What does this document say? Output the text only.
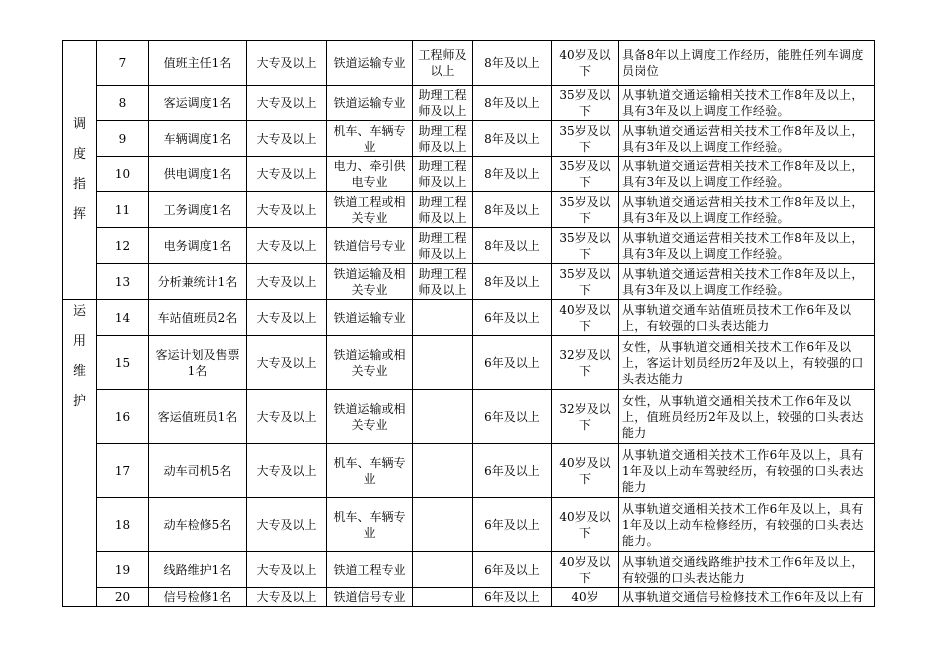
调
度
指
挥	7	值班主任1名	大专及以上	铁道运输专业	工程师及以上	8年及以上	40岁及以下	具备8年以上调度工作经历，能胜任列车调度员岗位
	8	客运调度1名	大专及以上	铁道运输专业	助理工程师及以上	8年及以上	35岁及以下	从事轨道交通运输相关技术工作8年及以上，具有3年及以上调度工作经验。
	9	车辆调度1名	大专及以上	机车、车辆专业	助理工程师及以上	8年及以上	35岁及以下	从事轨道交通运营相关技术工作8年及以上，具有3年及以上调度工作经验。
	10	供电调度1名	大专及以上	电力、牵引供电专业	助理工程师及以上	8年及以上	35岁及以下	从事轨道交通运营相关技术工作8年及以上，具有3年及以上调度工作经验。
	11	工务调度1名	大专及以上	铁道工程或相关专业	助理工程师及以上	8年及以上	35岁及以下	从事轨道交通运营相关技术工作8年及以上，具有3年及以上调度工作经验。
	12	电务调度1名	大专及以上	铁道信号专业	助理工程师及以上	8年及以上	35岁及以下	从事轨道交通运营相关技术工作8年及以上，具有3年及以上调度工作经验。
	13	分析兼统计1名	大专及以上	铁道运输及相关专业	助理工程师及以上	8年及以上	35岁及以下	从事轨道交通运营相关技术工作8年及以上，具有3年及以上调度工作经验。

运
用
维
护	14	车站值班员2名	大专及以上	铁道运输专业		6年及以上	40岁及以下	从事轨道交通车站值班员技术工作6年及以上，有较强的口头表达能力
	15	客运计划及售票1名	大专及以上	铁道运输或相关专业		6年及以上	32岁及以下	女性，从事轨道交通相关技术工作6年及以上，客运计划员经历2年及以上，有较强的口头表达能力
	16	客运值班员1名	大专及以上	铁道运输或相关专业		6年及以上	32岁及以下	女性，从事轨道交通相关技术工作6年及以上，值班员经历2年及以上，较强的口头表达能力
	17	动车司机5名	大专及以上	机车、车辆专业		6年及以上	40岁及以下	从事轨道交通相关技术工作6年及以上，具有1年及以上动车驾驶经历，有较强的口头表达能力
	18	动车检修5名	大专及以上	机车、车辆专业		6年及以上	40岁及以下	从事轨道交通相关技术工作6年及以上，具有1年及以上动车检修经历，有较强的口头表达能力。
	19	线路维护1名	大专及以上	铁道工程专业		6年及以上	40岁及以下	从事轨道交通线路维护技术工作6年及以上，有较强的口头表达能力
	20	信号检修1名	大专及以上	铁道信号专业		6年及以上	40岁	从事轨道交通信号检修技术工作6年及以上有
